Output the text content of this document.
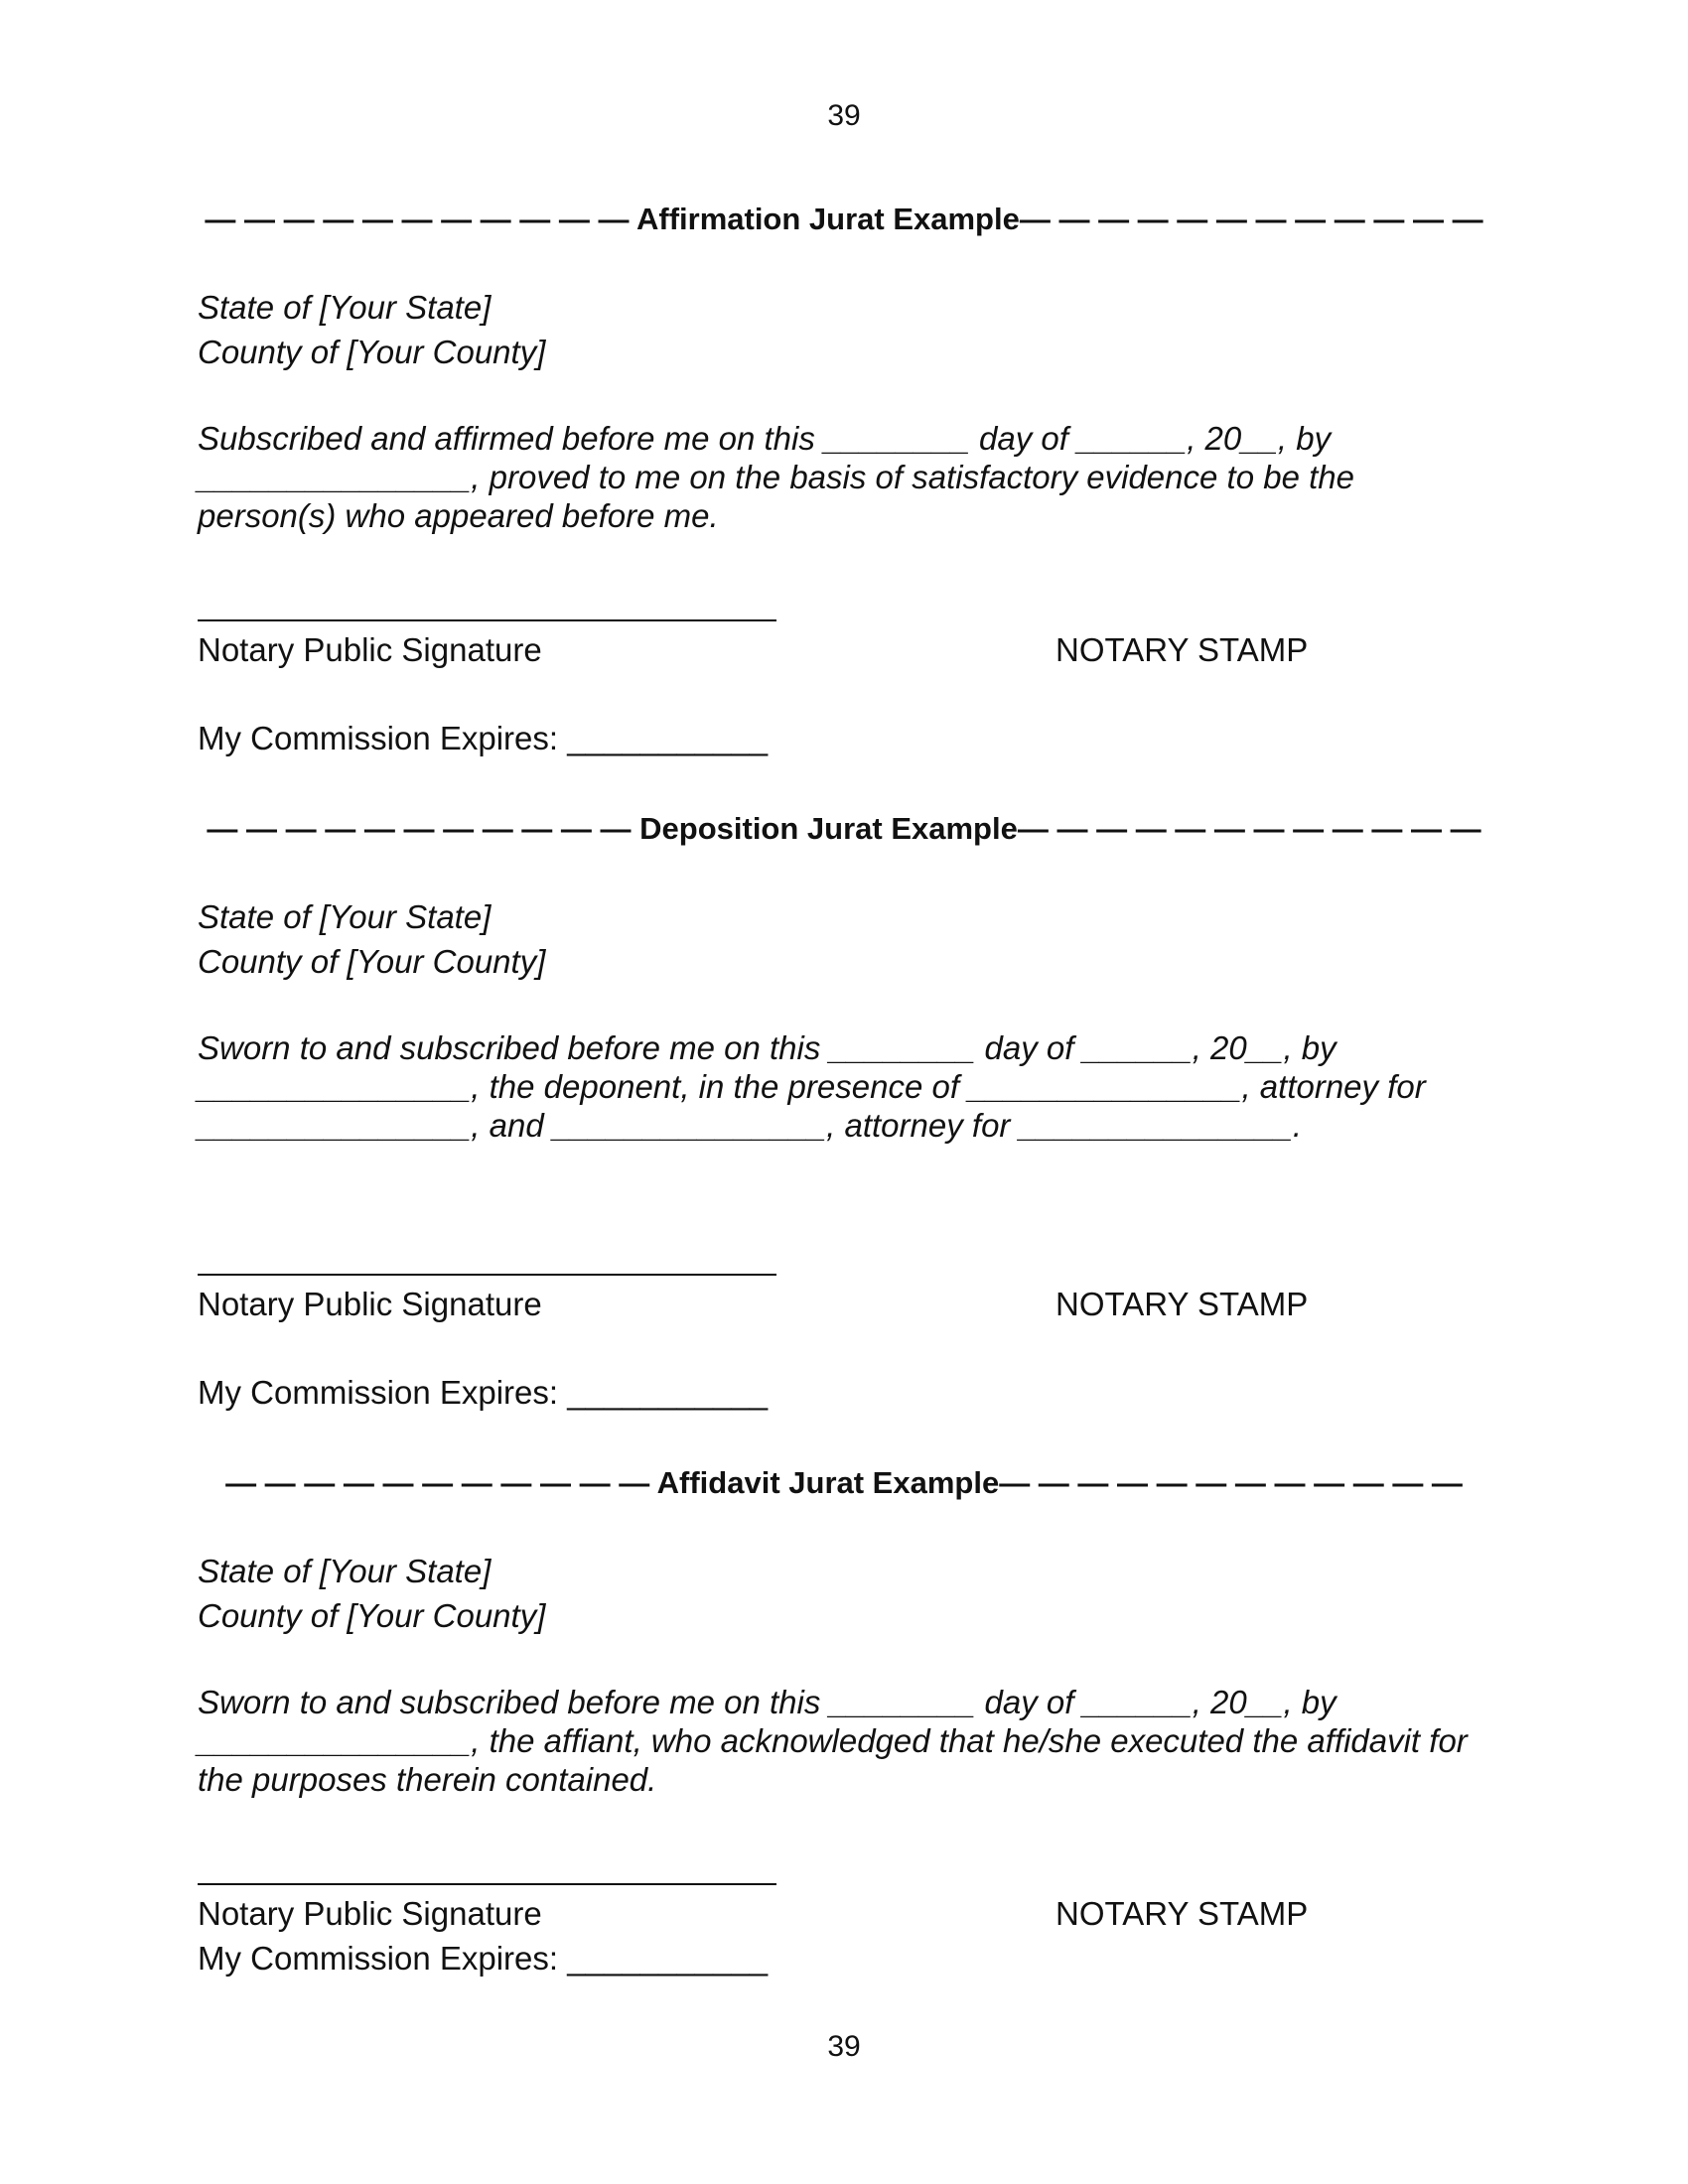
39
— — — — — — — — — — — Affirmation Jurat Example— — — — — — — — — — — —
State of [Your State]
County of [Your County]
Subscribed and affirmed before me on this ________ day of ______, 20__, by
_______________, proved to me on the basis of satisfactory evidence to be the
person(s) who appeared before me.
Notary Public Signature	NOTARY STAMP
My Commission Expires: ___________
— — — — — — — — — — — Deposition Jurat Example— — — — — — — — — — — —
State of [Your State]
County of [Your County]
Sworn to and subscribed before me on this ________ day of ______, 20__, by
_______________, the deponent, in the presence of _______________, attorney for
_______________, and _______________, attorney for _______________.
Notary Public Signature	NOTARY STAMP
My Commission Expires: ___________
— — — — — — — — — — — Affidavit Jurat Example— — — — — — — — — — — —
State of [Your State]
County of [Your County]
Sworn to and subscribed before me on this ________ day of ______, 20__, by
_______________, the affiant, who acknowledged that he/she executed the affidavit for
the purposes therein contained.
Notary Public Signature	NOTARY STAMP
My Commission Expires: ___________
39
